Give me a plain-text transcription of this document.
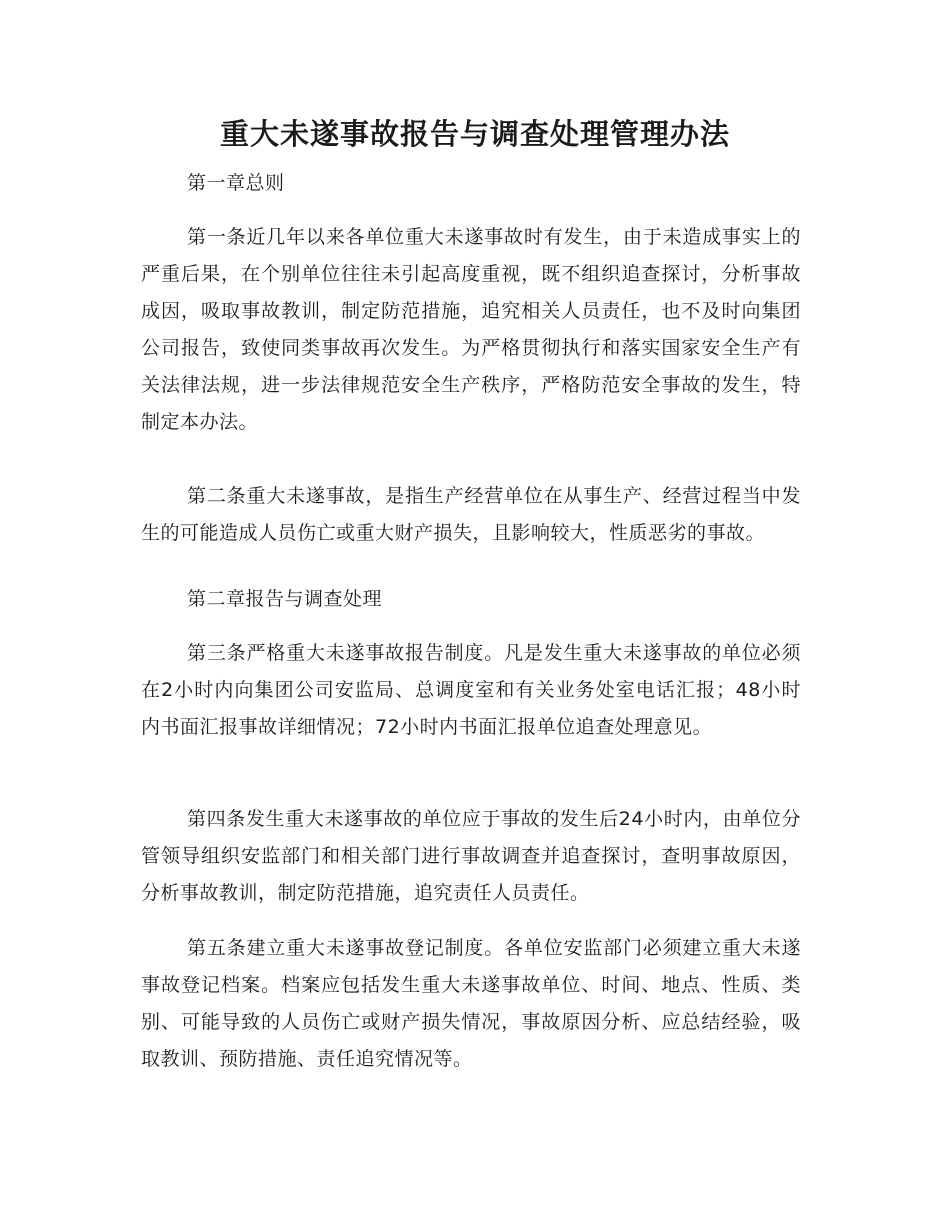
重大未遂事故报告与调查处理管理办法

第一章总则

第一条近几年以来各单位重大未遂事故时有发生，由于未造成事实上的严重后果，在个别单位往往未引起高度重视，既不组织追查探讨，分析事故成因，吸取事故教训，制定防范措施，追究相关人员责任，也不及时向集团公司报告，致使同类事故再次发生。为严格贯彻执行和落实国家安全生产有关法律法规，进一步法律规范安全生产秩序，严格防范安全事故的发生，特制定本办法。

第二条重大未遂事故，是指生产经营单位在从事生产、经营过程当中发生的可能造成人员伤亡或重大财产损失，且影响较大，性质恶劣的事故。

第二章报告与调查处理

第三条严格重大未遂事故报告制度。凡是发生重大未遂事故的单位必须在2小时内向集团公司安监局、总调度室和有关业务处室电话汇报；48小时内书面汇报事故详细情况；72小时内书面汇报单位追查处理意见。

第四条发生重大未遂事故的单位应于事故的发生后24小时内，由单位分管领导组织安监部门和相关部门进行事故调查并追查探讨，查明事故原因，分析事故教训，制定防范措施，追究责任人员责任。

第五条建立重大未遂事故登记制度。各单位安监部门必须建立重大未遂事故登记档案。档案应包括发生重大未遂事故单位、时间、地点、性质、类别、可能导致的人员伤亡或财产损失情况，事故原因分析、应总结经验，吸取教训、预防措施、责任追究情况等。
